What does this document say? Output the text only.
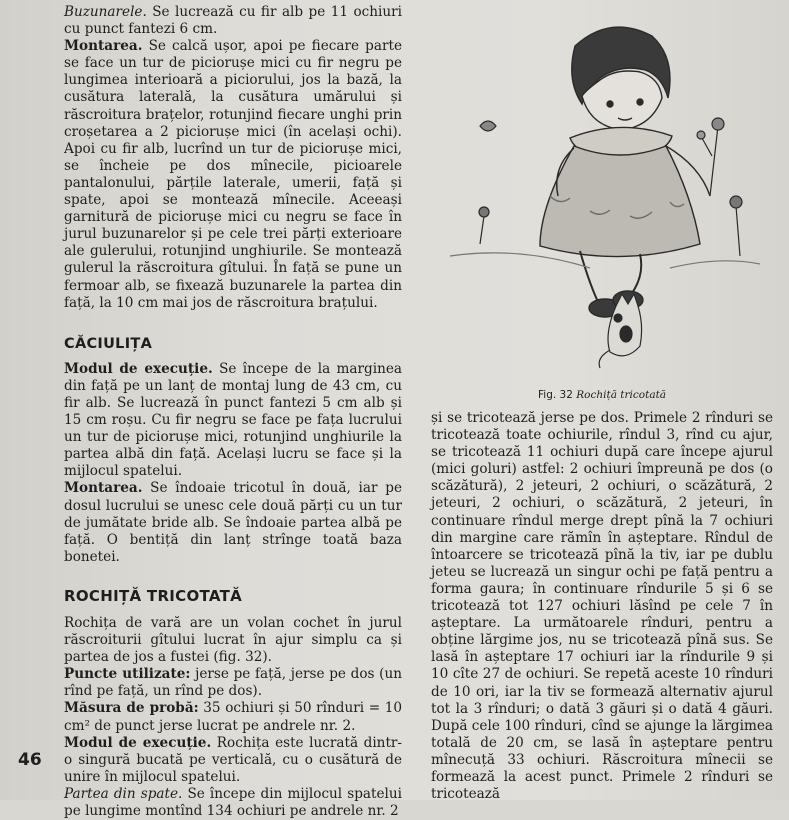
Buzunarele. Se lucrează cu fir alb pe 11 ochiuri cu punct fantezi 6 cm.

Montarea. Se calcă ușor, apoi pe fiecare parte se face un tur de piciorușe mici cu fir negru pe lungimea interioară a piciorului, jos la bază, la cusătura laterală, la cusătura umărului și răscroitura brațelor, rotunjind fiecare unghi prin croșetarea a 2 piciorușe mici (în același ochi). Apoi cu fir alb, lucrînd un tur de piciorușe mici, se încheie pe dos mînecile, picioarele pantalonului, părțile laterale, umerii, față și spate, apoi se montează mînecile. Aceeași garnitură de piciorușe mici cu negru se face în jurul buzunarelor și pe cele trei părți exterioare ale gulerului, rotunjind unghiurile. Se montează gulerul la răscroitura gîtului. În față se pune un fermoar alb, se fixează buzunarele la partea din față, la 10 cm mai jos de răscroitura brațului.

CĂCIULIȚA

Modul de execuție. Se începe de la marginea din față pe un lanț de montaj lung de 43 cm, cu fir alb. Se lucrează în punct fantezi 5 cm alb și 15 cm roșu. Cu fir negru se face pe fața lucrului un tur de piciorușe mici, rotunjind unghiurile la partea albă din față. Același lucru se face și la mijlocul spatelui.

Montarea. Se îndoaie tricotul în două, iar pe dosul lucrului se unesc cele două părți cu un tur de jumătate bride alb. Se îndoaie partea albă pe față. O bentiță din lanț strînge toată baza bonetei.

ROCHIȚĂ TRICOTATĂ

Rochița de vară are un volan cochet în jurul răscroiturii gîtului lucrat în ajur simplu ca și partea de jos a fustei (fig. 32).

Puncte utilizate: jerse pe față, jerse pe dos (un rînd pe față, un rînd pe dos).

Măsura de probă: 35 ochiuri și 50 rînduri = 10 cm² de punct jerse lucrat pe andrele nr. 2.

Modul de execuție. Rochița este lucrată dintr-o singură bucată pe verticală, cu o cusătură de unire în mijlocul spatelui.

Partea din spate. Se începe din mijlocul spatelui pe lungime montînd 134 ochiuri pe andrele nr. 2

46
Fig. 32 Rochiță tricotată

și se tricotează jerse pe dos. Primele 2 rînduri se tricotează toate ochiurile, rîndul 3, rînd cu ajur, se tricotează 11 ochiuri după care începe ajurul (mici goluri) astfel: 2 ochiuri împreună pe dos (o scăzătură), 2 jeteuri, 2 ochiuri, o scăzătură, 2 jeteuri, 2 ochiuri, o scăzătură, 2 jeteuri, în continuare rîndul merge drept pînă la 7 ochiuri din margine care rămîn în așteptare. Rîndul de întoarcere se tricotează pînă la tiv, iar pe dublu jeteu se lucrează un singur ochi pe față pentru a forma gaura; în continuare rîndurile 5 și 6 se tricotează tot 127 ochiuri lăsînd pe cele 7 în așteptare. La următoarele rînduri, pentru a obține lărgime jos, nu se tricotează pînă sus. Se lasă în așteptare 17 ochiuri iar la rîndurile 9 și 10 cîte 27 de ochiuri. Se repetă aceste 10 rînduri de 10 ori, iar la tiv se formează alternativ ajurul tot la 3 rînduri; o dată 3 găuri și o dată 4 găuri. După cele 100 rînduri, cînd se ajunge la lărgimea totală de 20 cm, se lasă în așteptare pentru mînecuță 33 ochiuri. Răscroitura mînecii se formează la acest punct. Primele 2 rînduri se tricotează
